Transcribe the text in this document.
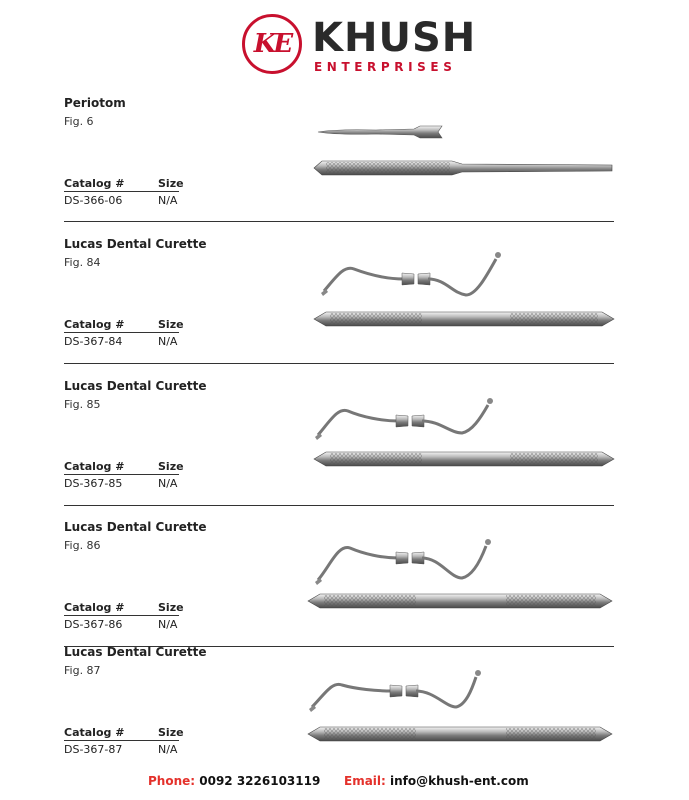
KE KHUSH
ENTERPRISES
Periotom
Fig. 6
Catalog #	Size
DS-366-06	N/A
Lucas Dental Curette
Fig. 84
Catalog #	Size
DS-367-84	N/A
Lucas Dental Curette
Fig. 85
Catalog #	Size
DS-367-85	N/A
Lucas Dental Curette
Fig. 86
Catalog #	Size
DS-367-86	N/A
Lucas Dental Curette
Fig. 87
Catalog #	Size
DS-367-87	N/A
Phone: 0092 3226103119 Email: info@khush-ent.com
